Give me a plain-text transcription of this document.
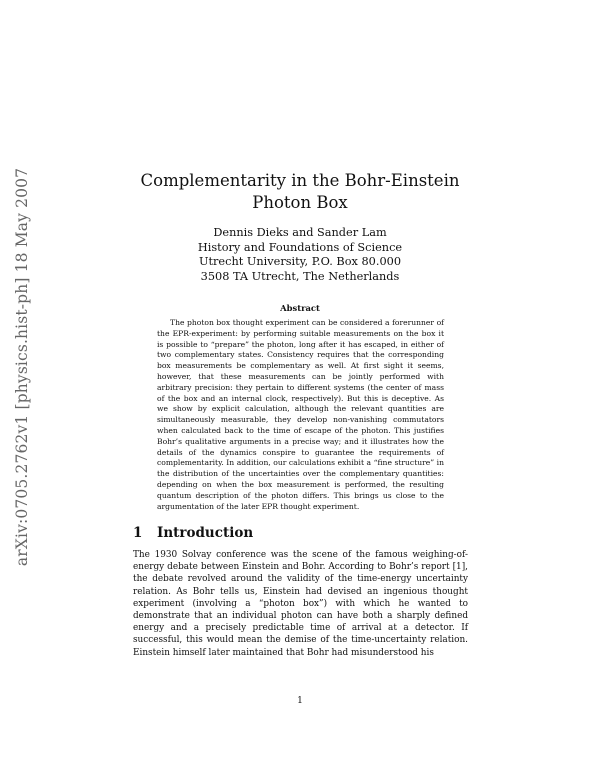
arXiv:0705.2762v1 [physics.hist-ph] 18 May 2007	Complementarity in the Bohr-Einstein Photon Box
Dennis Dieks and Sander Lam
History and Foundations of Science
Utrecht University, P.O. Box 80.000
3508 TA Utrecht, The Netherlands
Abstract

The photon box thought experiment can be considered a forerunner of the EPR-experiment: by performing suitable measurements on the box it is possible to “prepare” the photon, long after it has escaped, in either of two complementary states. Consistency requires that the corresponding box measurements be complementary as well. At first sight it seems, however, that these measurements can be jointly performed with arbitrary precision: they pertain to different systems (the center of mass of the box and an internal clock, respectively). But this is deceptive. As we show by explicit calculation, although the relevant quantities are simultaneously measurable, they develop non-vanishing commutators when calculated back to the time of escape of the photon. This justifies Bohr’s qualitative arguments in a precise way; and it illustrates how the details of the dynamics conspire to guarantee the requirements of complementarity. In addition, our calculations exhibit a “fine structure” in the distribution of the uncertainties over the complementary quantities: depending on when the box measurement is performed, the resulting quantum description of the photon differs. This brings us close to the argumentation of the later EPR thought experiment.

1 Introduction

The 1930 Solvay conference was the scene of the famous weighing-of-energy debate between Einstein and Bohr. According to Bohr’s report [1], the debate revolved around the validity of the time-energy uncertainty relation. As Bohr tells us, Einstein had devised an ingenious thought experiment (involving a “photon box”) with which he wanted to demonstrate that an individual photon can have both a sharply defined energy and a precisely predictable time of arrival at a detector. If successful, this would mean the demise of the time-uncertainty relation. Einstein himself later maintained that Bohr had misunderstood his

1
